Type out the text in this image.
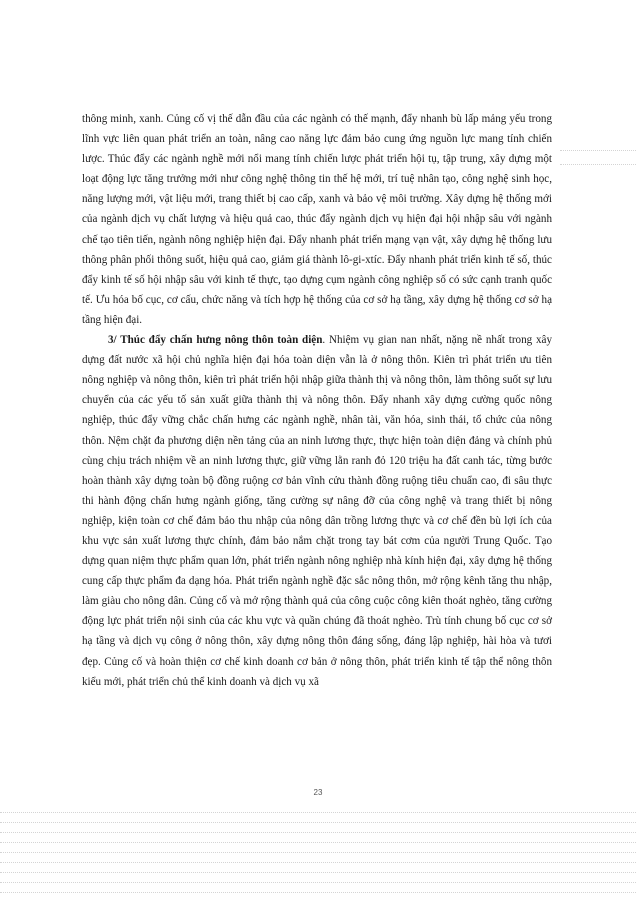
thông minh, xanh. Củng cố vị thế dẫn đầu của các ngành có thế mạnh, đẩy nhanh bù lấp mảng yếu trong lĩnh vực liên quan phát triển an toàn, nâng cao năng lực đảm bảo cung ứng nguồn lực mang tính chiến lược. Thúc đẩy các ngành nghề mới nổi mang tính chiến lược phát triển hội tụ, tập trung, xây dựng một loạt động lực tăng trưởng mới như công nghệ thông tin thế hệ mới, trí tuệ nhân tạo, công nghệ sinh học, năng lượng mới, vật liệu mới, trang thiết bị cao cấp, xanh và bảo vệ môi trường. Xây dựng hệ thống mới của ngành dịch vụ chất lượng và hiệu quả cao, thúc đẩy ngành dịch vụ hiện đại hội nhập sâu với ngành chế tạo tiên tiến, ngành nông nghiệp hiện đại. Đẩy nhanh phát triển mạng vạn vật, xây dựng hệ thống lưu thông phân phối thông suốt, hiệu quả cao, giảm giá thành lô-gi-xtíc. Đẩy nhanh phát triển kinh tế số, thúc đẩy kinh tế số hội nhập sâu với kinh tế thực, tạo dựng cụm ngành công nghiệp số có sức cạnh tranh quốc tế. Ưu hóa bố cục, cơ cấu, chức năng và tích hợp hệ thống của cơ sở hạ tầng, xây dựng hệ thống cơ sở hạ tầng hiện đại.

3/ Thúc đẩy chấn hưng nông thôn toàn diện. Nhiệm vụ gian nan nhất, nặng nề nhất trong xây dựng đất nước xã hội chủ nghĩa hiện đại hóa toàn diện vẫn là ở nông thôn. Kiên trì phát triển ưu tiên nông nghiệp và nông thôn, kiên trì phát triển hội nhập giữa thành thị và nông thôn, làm thông suốt sự lưu chuyển của các yếu tố sản xuất giữa thành thị và nông thôn. Đẩy nhanh xây dựng cường quốc nông nghiệp, thúc đẩy vững chắc chấn hưng các ngành nghề, nhân tài, văn hóa, sinh thái, tổ chức của nông thôn. Nệm chặt đa phương diện nền tảng của an ninh lương thực, thực hiện toàn diện đảng và chính phủ cùng chịu trách nhiệm về an ninh lương thực, giữ vững lằn ranh đỏ 120 triệu ha đất canh tác, từng bước hoàn thành xây dựng toàn bộ đồng ruộng cơ bản vĩnh cửu thành đồng ruộng tiêu chuẩn cao, đi sâu thực thi hành động chấn hưng ngành giống, tăng cường sự nâng đỡ của công nghệ và trang thiết bị nông nghiệp, kiện toàn cơ chế đảm bảo thu nhập của nông dân trồng lương thực và cơ chế đền bù lợi ích của khu vực sản xuất lương thực chính, đảm bảo nắm chặt trong tay bát cơm của người Trung Quốc. Tạo dựng quan niệm thực phẩm quan lớn, phát triển ngành nông nghiệp nhà kính hiện đại, xây dựng hệ thống cung cấp thực phẩm đa dạng hóa. Phát triển ngành nghề đặc sắc nông thôn, mở rộng kênh tăng thu nhập, làm giàu cho nông dân. Củng cố và mở rộng thành quả của công cuộc công kiên thoát nghèo, tăng cường động lực phát triển nội sinh của các khu vực và quần chúng đã thoát nghèo. Trù tính chung bố cục cơ sở hạ tầng và dịch vụ công ở nông thôn, xây dựng nông thôn đáng sống, đáng lập nghiệp, hài hòa và tươi đẹp. Củng cố và hoàn thiện cơ chế kinh doanh cơ bản ở nông thôn, phát triển kinh tế tập thể nông thôn kiểu mới, phát triển chủ thể kinh doanh và dịch vụ xã

23
